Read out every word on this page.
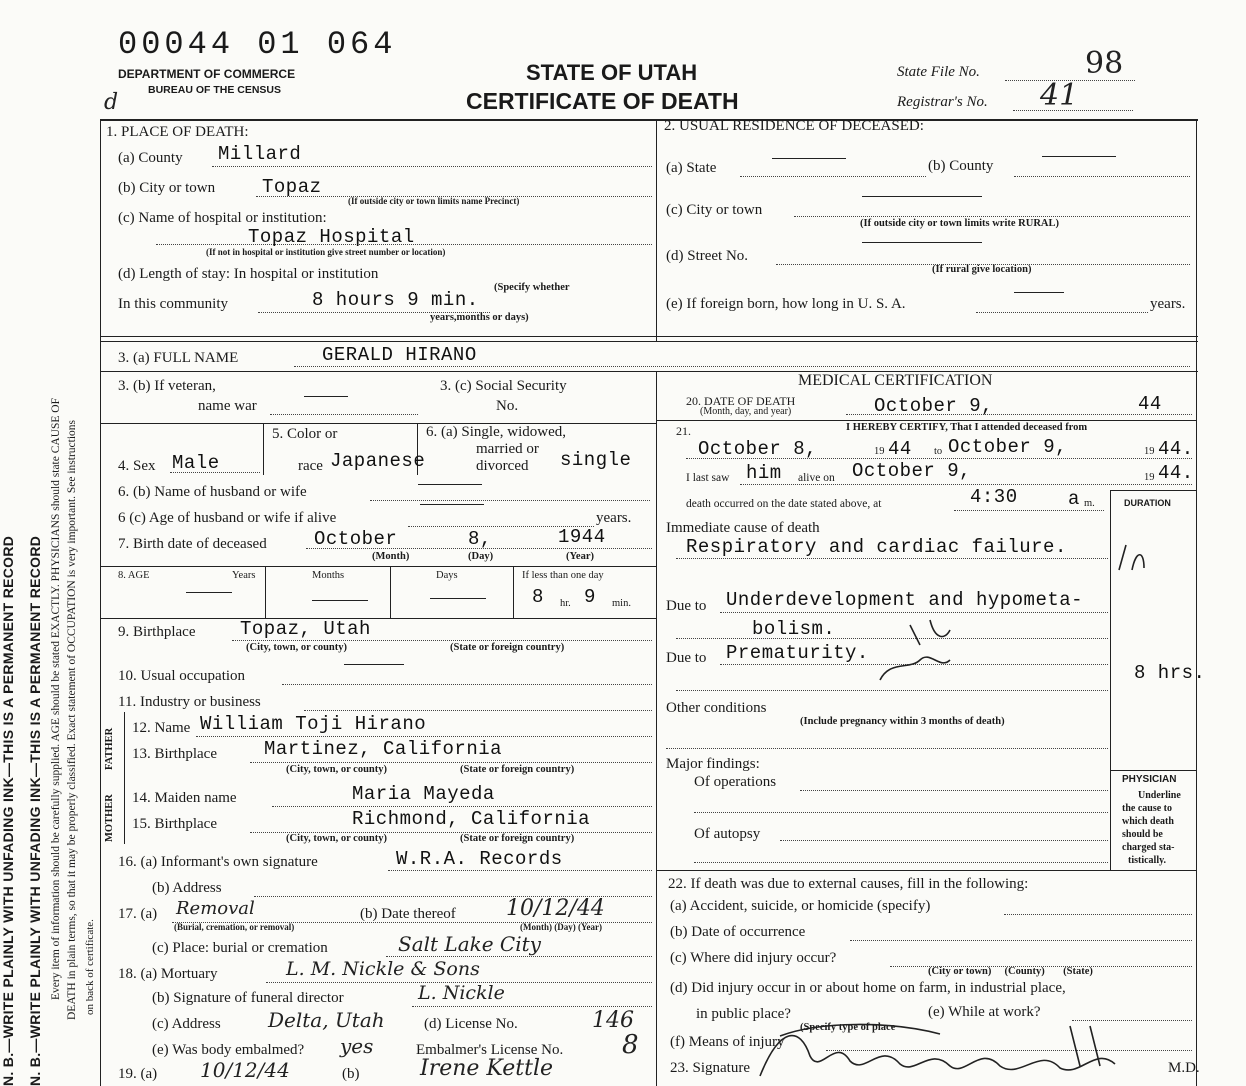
N. B.—WRITE PLAINLY WITH UNFADING INK—THIS IS A PERMANENT RECORD N. B.—WRITE PLAINLY WITH UNFADING INK—THIS IS A PERMANENT RECORD Every item of information should be carefully supplied. AGE should be stated EXACTLY. PHYSICIANS should state CAUSE OF DEATH in plain terms, so that it may be properly classified. Exact statement of OCCUPATION is very important. See instructions on back of certificate.
00044 01 064
DEPARTMENT OF COMMERCE
BUREAU OF THE CENSUS
d
STATE OF UTAH
CERTIFICATE OF DEATH
State File No.	98
Registrar's No. 41
1. PLACE OF DEATH:
(a) County Millard
(b) City or town Topaz
(If outside city or town limits name Precinct)
(c) Name of hospital or institution:
Topaz Hospital
(If not in hospital or institution give street number or location)
(d) Length of stay: In hospital or institution
In this community	8 hours 9 min.
(Specify whether
years,months or days)
2. USUAL RESIDENCE OF DECEASED:
(a) State	(b) County
(c) City or town
(If outside city or town limits write RURAL)
(d) Street No.
(If rural give location)
(e) If foreign born, how long in U. S. A.	years.
3. (a) FULL NAME	GERALD HIRANO
3. (b) If veteran,
name war
3. (c) Social Security
No.
4. Sex Male
5. Color or
race Japanese
6. (a) Single, widowed,
married or
divorced single
6. (b) Name of husband or wife
6 (c) Age of husband or wife if alive	years.
7. Birth date of deceased October	8,	1944
(Month)	(Day)	(Year)
8. AGE	Years	Months	Days	If less than one day
8 hr. 9 min.
9. Birthplace Topaz, Utah
(City, town, or county)	(State or foreign country)
10. Usual occupation
11. Industry or business
FATHER
MOTHER
12. Name William Toji Hirano
13. Birthplace Martinez, California
(City, town, or county)	(State or foreign country)
14. Maiden name	Maria Mayeda
15. Birthplace	Richmond, California
(City, town, or county)	(State or foreign country)
16. (a) Informant's own signature	W.R.A. Records
(b) Address
17. (a) Removal	(b) Date thereof 10/12/44
(Burial, cremation, or removal)	(Month) (Day) (Year)
(c) Place: burial or cremation	Salt Lake City
18. (a) Mortuary	L. M. Nickle & Sons
(b) Signature of funeral director	L. Nickle
(c) Address Delta, Utah	(d) License No.	146
(e) Was body embalmed? yes	Embalmer's License No. 8
19. (a) 10/12/44	(b)	Irene Kettle
MEDICAL CERTIFICATION
20. DATE OF DEATH
(Month, day, and year)	October 9,	44
21.	I HEREBY CERTIFY, That I attended deceased from
October 8,	19 44 to October 9,	19 44.
I last saw him alive on October 9,	19 44.
death occurred on the date stated above, at	4:30	a m.	DURATION
Immediate cause of death
Respiratory and cardiac failure.
Due to Underdevelopment and hypometa-
bolism.
Due to Prematurity.
8 hrs.
Other conditions
(Include pregnancy within 3 months of death)
Major findings:
Of operations
Of autopsy
PHYSICIAN
Underline
the cause to
which death
should be
charged sta-
tistically.
22. If death was due to external causes, fill in the following:
(a) Accident, suicide, or homicide (specify)
(b) Date of occurrence
(c) Where did injury occur?
(City or town)     (County)       (State)
(d) Did injury occur in or about home on farm, in industrial place,
in public place?
(Specify type of place
(e) While at work?
(f) Means of injury
23. Signature	M.D.
